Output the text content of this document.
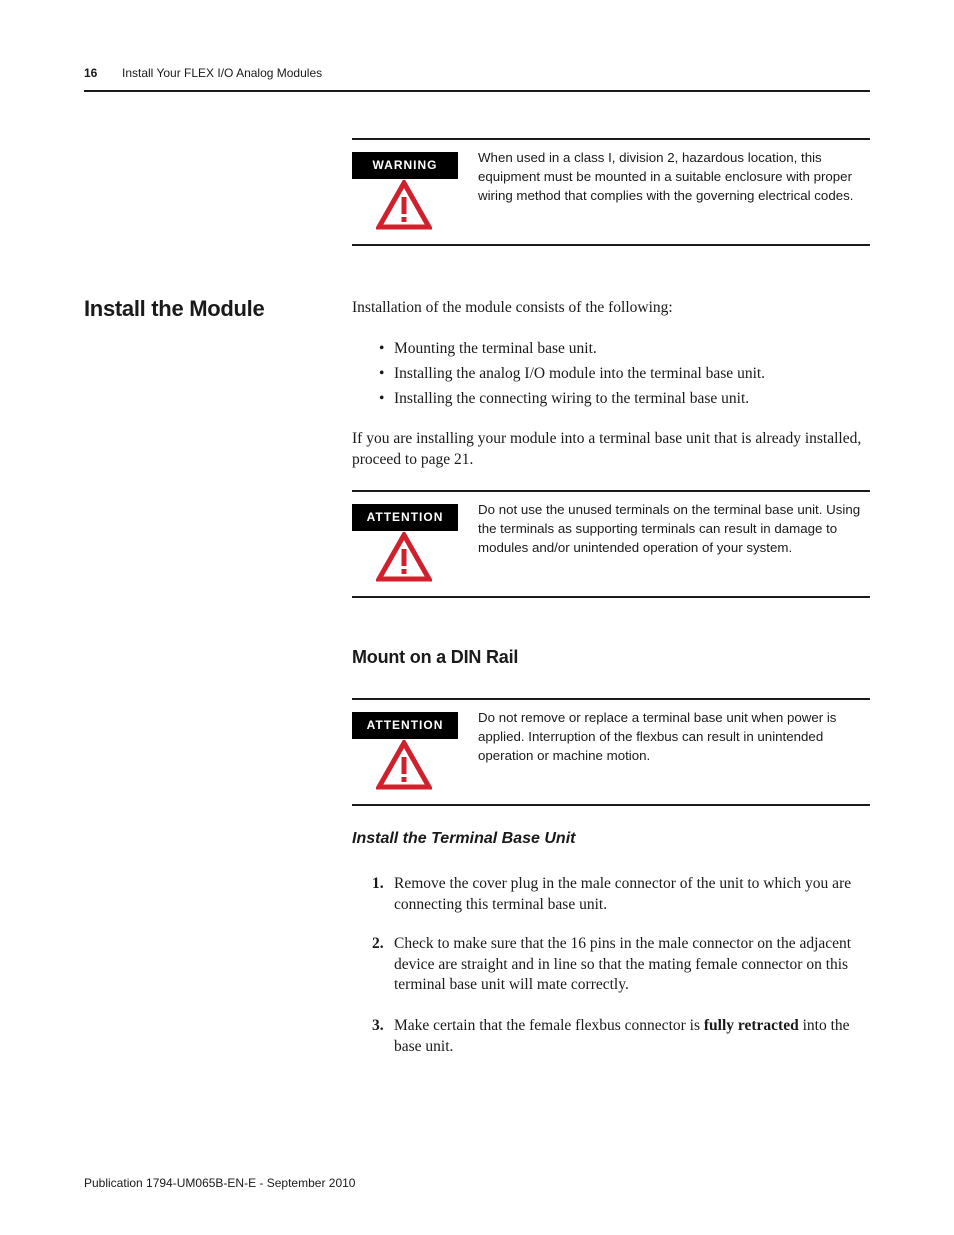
16 Install Your FLEX I/O Analog Modules
WARNING	When used in a class I, division 2, hazardous location, this equipment must be mounted in a suitable enclosure with proper wiring method that complies with the governing electrical codes.
Install the Module	Installation of the module consists of the following:

• Mounting the terminal base unit.
• Installing the analog I/O module into the terminal base unit.
• Installing the connecting wiring to the terminal base unit.

If you are installing your module into a terminal base unit that is already installed, proceed to page 21.

ATTENTION	Do not use the unused terminals on the terminal base unit. Using the terminals as supporting terminals can result in damage to modules and/or unintended operation of your system.
Mount on a DIN Rail
ATTENTION	Do not remove or replace a terminal base unit when power is applied. Interruption of the flexbus can result in unintended operation or machine motion.
Install the Terminal Base Unit
1. Remove the cover plug in the male connector of the unit to which you are connecting this terminal base unit.
2. Check to make sure that the 16 pins in the male connector on the adjacent device are straight and in line so that the mating female connector on this terminal base unit will mate correctly.
3. Make certain that the female flexbus connector is fully retracted into the base unit.
Publication 1794-UM065B-EN-E - September 2010
